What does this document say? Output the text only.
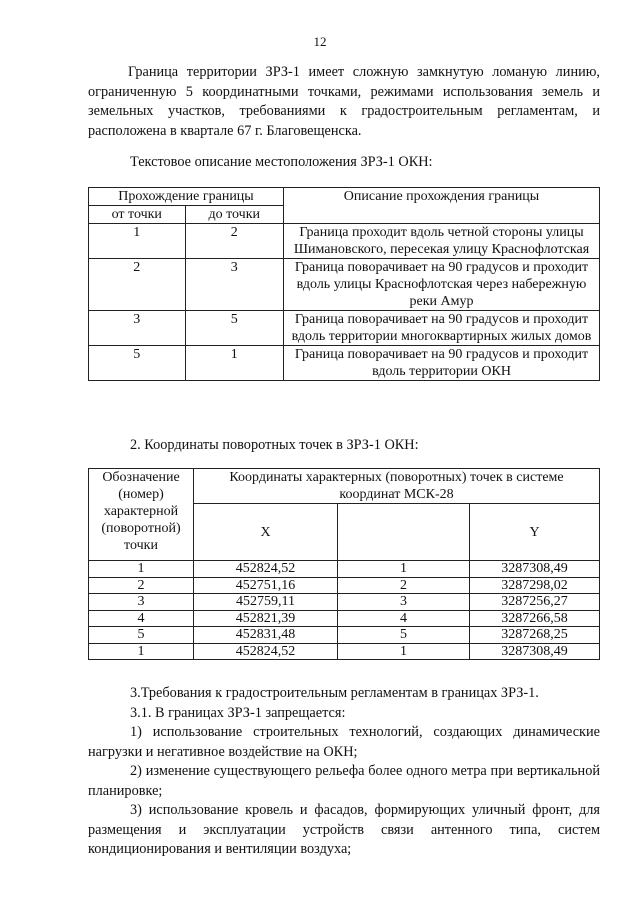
12
Граница территории ЗРЗ-1 имеет сложную замкнутую ломаную линию, ограниченную 5 координатными точками, режимами использования земель и земельных участков, требованиями к градостроительным регламентам, и расположена в квартале 67 г. Благовещенска.
Текстовое описание местоположения ЗРЗ-1 ОКН:
Прохождение границы		Описание прохождения границы
от точки	до точки	
1	2	Граница проходит вдоль четной стороны улицы Шимановского, пересекая улицу Краснофлотская
2	3	Граница поворачивает на 90 градусов и проходит вдоль улицы Краснофлотская через набережную реки Амур
3	5	Граница поворачивает на 90 градусов и проходит вдоль территории многоквартирных жилых домов
5	1	Граница поворачивает на 90 градусов и проходит вдоль территории ОКН
2. Координаты поворотных точек в ЗРЗ-1 ОКН:
Обозначение (номер) характерной (поворотной) точки	Координаты характерных (поворотных) точек в системе координат МСК-28		
	X		Y
1	452824,52	1	3287308,49
2	452751,16	2	3287298,02
3	452759,11	3	3287256,27
4	452821,39	4	3287266,58
5	452831,48	5	3287268,25
1	452824,52	1	3287308,49

3.Требования к градостроительным регламентам в границах ЗРЗ-1.

3.1. В границах ЗРЗ-1 запрещается:

1) использование строительных технологий, создающих динамические нагрузки и негативное воздействие на ОКН;

2) изменение существующего рельефа более одного метра при вертикальной планировке;

3) использование кровель и фасадов, формирующих уличный фронт, для размещения и эксплуатации устройств связи антенного типа, систем кондиционирования и вентиляции воздуха;
